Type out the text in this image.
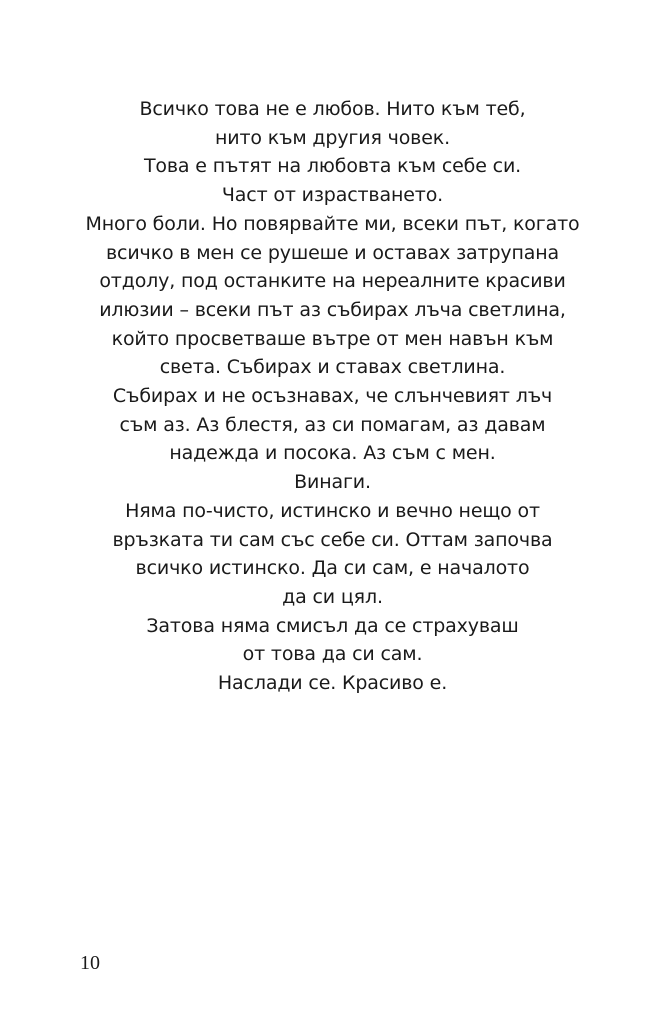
Всичко това не е любов. Нито към теб,
нито към другия човек.
Това е пътят на любовта към себе си.
Част от израстването.
Много боли. Но повярвайте ми, всеки път, когато
всичко в мен се рушеше и оставах затрупана
отдолу, под останките на нереалните красиви
илюзии – всеки път аз събирах лъча светлина,
който просветваше вътре от мен навън към
света. Събирах и ставах светлина.
Събирах и не осъзнавах, че слънчевият лъч
съм аз. Аз блестя, аз си помагам, аз давам
надежда и посока. Аз съм с мен.
Винаги.
Няма по-чисто, истинско и вечно нещо от
връзката ти сам със себе си. Оттам започва
всичко истинско. Да си сам, е началото
да си цял.
Затова няма смисъл да се страхуваш
от това да си сам.
Наслади се. Красиво е.
10
